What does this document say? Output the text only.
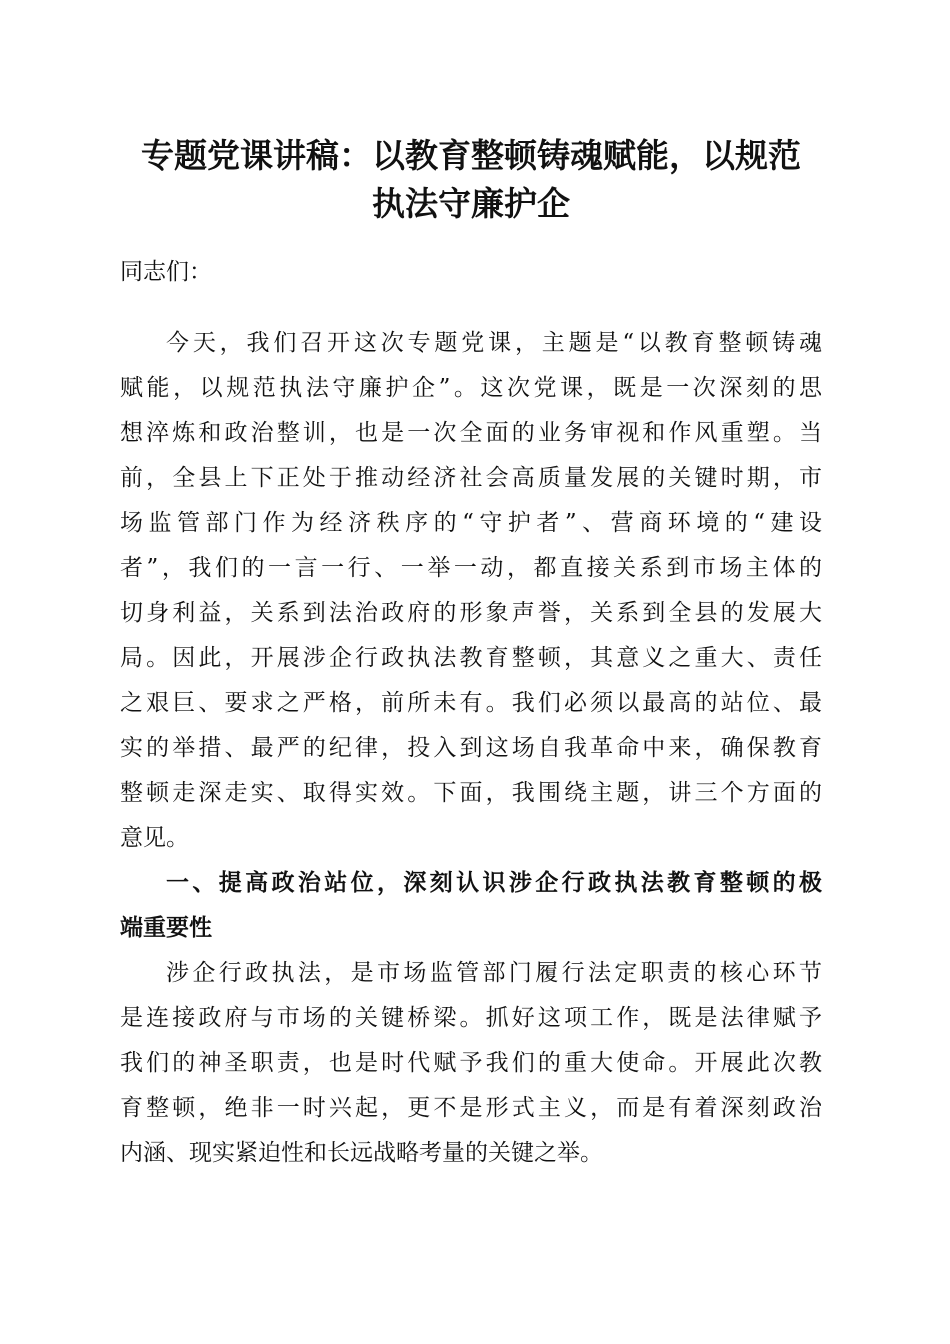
专题党课讲稿：以教育整顿铸魂赋能，以规范
执法守廉护企
同志们：
今天，我们召开这次专题党课，主题是“以教育整顿铸魂
赋能，以规范执法守廉护企”。这次党课，既是一次深刻的思
想淬炼和政治整训，也是一次全面的业务审视和作风重塑。当
前，全县上下正处于推动经济社会高质量发展的关键时期，市
场监管部门作为经济秩序的“守护者”、营商环境的“建设
者”，我们的一言一行、一举一动，都直接关系到市场主体的
切身利益，关系到法治政府的形象声誉，关系到全县的发展大
局。因此，开展涉企行政执法教育整顿，其意义之重大、责任
之艰巨、要求之严格，前所未有。我们必须以最高的站位、最
实的举措、最严的纪律，投入到这场自我革命中来，确保教育
整顿走深走实、取得实效。下面，我围绕主题，讲三个方面的
意见。
一、提高政治站位，深刻认识涉企行政执法教育整顿的极
端重要性
涉企行政执法，是市场监管部门履行法定职责的核心环节
是连接政府与市场的关键桥梁。抓好这项工作，既是法律赋予
我们的神圣职责，也是时代赋予我们的重大使命。开展此次教
育整顿，绝非一时兴起，更不是形式主义，而是有着深刻政治
内涵、现实紧迫性和长远战略考量的关键之举。
